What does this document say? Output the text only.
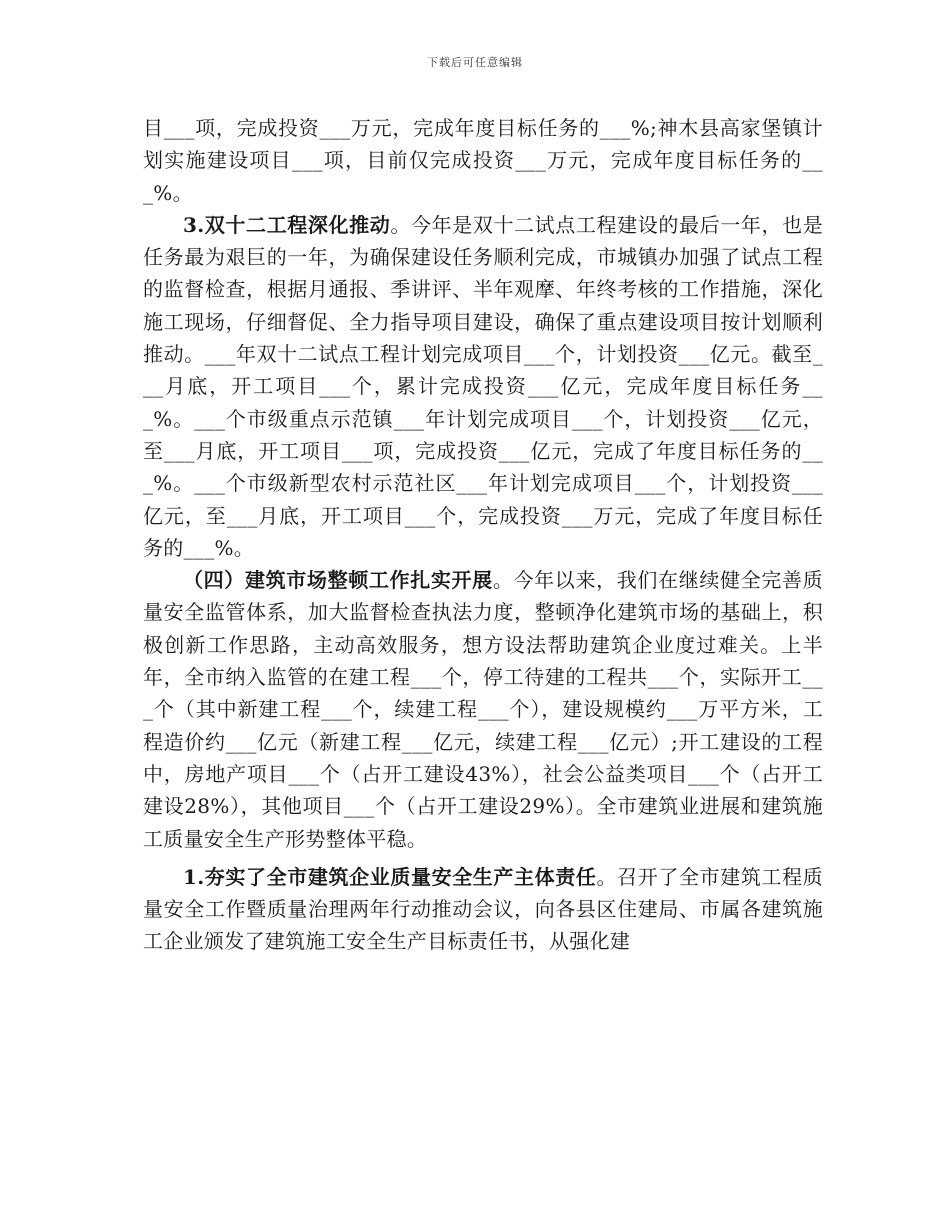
下载后可任意编辑

目___项，完成投资___万元，完成年度目标任务的___%;神木县高家堡镇计划实施建设项目___项，目前仅完成投资___万元，完成年度目标任务的___%。

3.双十二工程深化推动。今年是双十二试点工程建设的最后一年，也是任务最为艰巨的一年，为确保建设任务顺利完成，市城镇办加强了试点工程的监督检查，根据月通报、季讲评、半年观摩、年终考核的工作措施，深化施工现场，仔细督促、全力指导项目建设，确保了重点建设项目按计划顺利推动。___年双十二试点工程计划完成项目___个，计划投资___亿元。截至___月底，开工项目___个，累计完成投资___亿元，完成年度目标任务___%。___个市级重点示范镇___年计划完成项目___个，计划投资___亿元，至___月底，开工项目___项，完成投资___亿元，完成了年度目标任务的___%。___个市级新型农村示范社区___年计划完成项目___个，计划投资___亿元，至___月底，开工项目___个，完成投资___万元，完成了年度目标任务的___%。

（四）建筑市场整顿工作扎实开展。今年以来，我们在继续健全完善质量安全监管体系，加大监督检查执法力度，整顿净化建筑市场的基础上，积极创新工作思路，主动高效服务，想方设法帮助建筑企业度过难关。上半年，全市纳入监管的在建工程___个，停工待建的工程共___个，实际开工___个（其中新建工程___个，续建工程___个），建设规模约___万平方米，工程造价约___亿元（新建工程___亿元，续建工程___亿元）;开工建设的工程中，房地产项目___个（占开工建设43%），社会公益类项目___个（占开工建设28%），其他项目___个（占开工建设29%）。全市建筑业进展和建筑施工质量安全生产形势整体平稳。

1.夯实了全市建筑企业质量安全生产主体责任。召开了全市建筑工程质量安全工作暨质量治理两年行动推动会议，向各县区住建局、市属各建筑施工企业颁发了建筑施工安全生产目标责任书，从强化建
